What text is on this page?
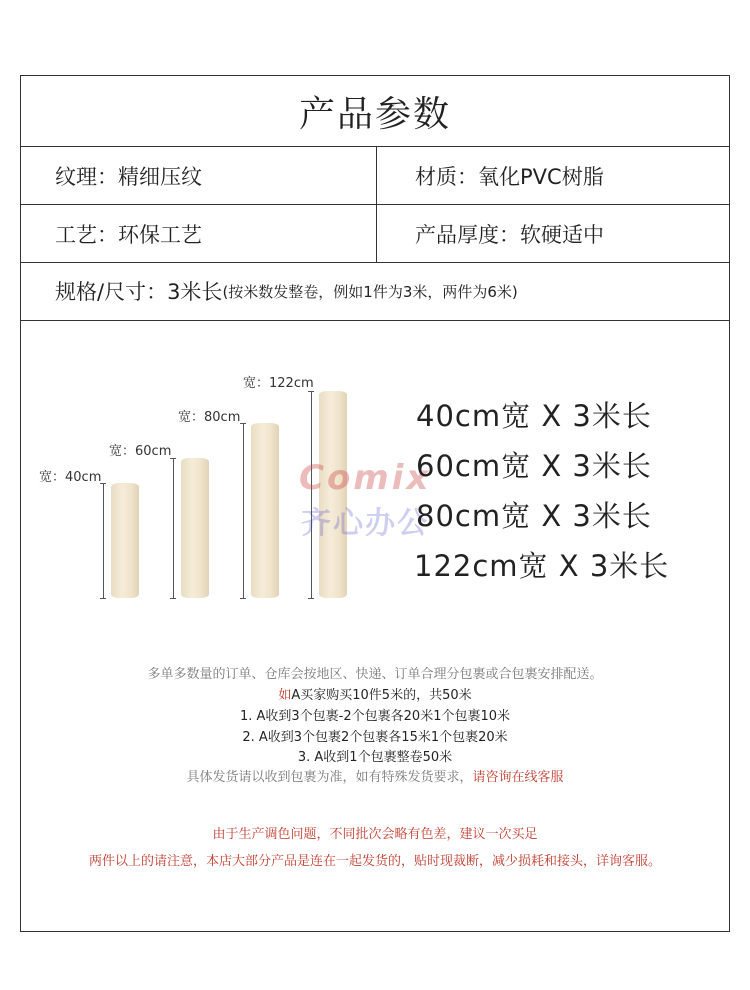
产品参数
纹理：精细压纹	材质：氧化PVC树脂
工艺：环保工艺	产品厚度：软硬适中
规格/尺寸：3米长 (按米数发整卷，例如1件为3米，两件为6米)
宽：40cm
宽：60cm
宽：80cm
宽：122cm
Comix
齐心办公
40cm宽 X 3米长
60cm宽 X 3米长
80cm宽 X 3米长
122cm宽 X 3米长
多单多数量的订单、仓库会按地区、快递、订单合理分包裹或合包裹安排配送。
如A买家购买10件5米的，共50米
1. A收到3个包裹-2个包裹各20米1个包裹10米
2. A收到3个包裹2个包裹各15米1个包裹20米
3. A收到1个包裹整卷50米
具体发货请以收到包裹为准，如有特殊发货要求，请咨询在线客服
由于生产调色问题，不同批次会略有色差，建议一次买足
两件以上的请注意，本店大部分产品是连在一起发货的，贴时现裁断，减少损耗和接头，详询客服。
